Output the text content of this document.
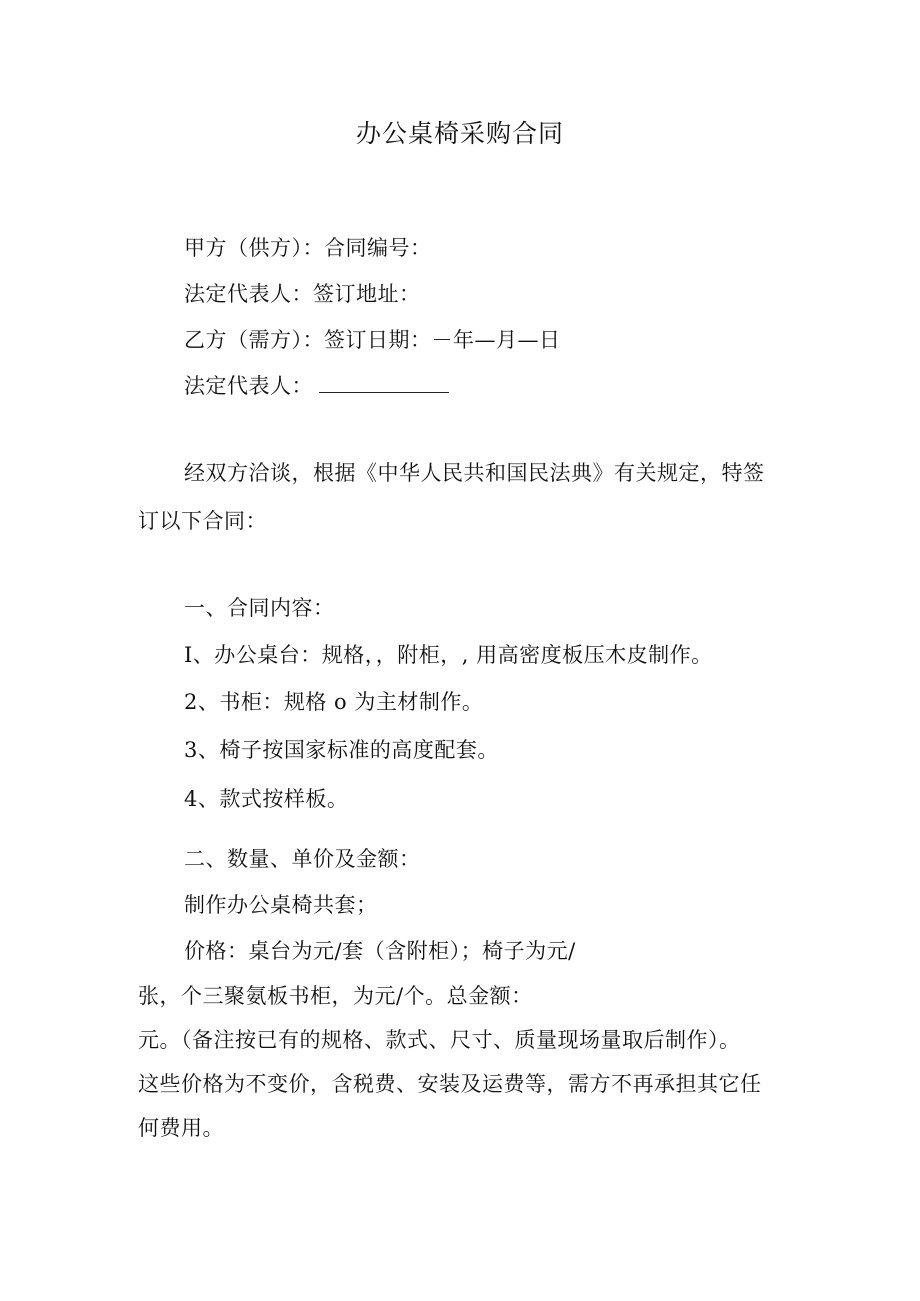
办公桌椅采购合同
甲方（供方）：合同编号：
法定代表人：签订地址：
乙方（需方）：签订日期：－年—月—日
法定代表人：
经双方洽谈，根据《中华人民共和国民法典》有关规定，特签
订以下合同：
一、合同内容：
I、办公桌台：规格，，附柜，, 用高密度板压木皮制作。
2、书柜：规格 o 为主材制作。
3、椅子按国家标准的高度配套。
4、款式按样板。
二、数量、单价及金额：
制作办公桌椅共套；
价格：桌台为元/套（含附柜）；椅子为元/
张，个三聚氨板书柜，为元/个。总金额：
元。（备注按已有的规格、款式、尺寸、质量现场量取后制作）。
这些价格为不变价，含税费、安装及运费等，需方不再承担其它任
何费用。
